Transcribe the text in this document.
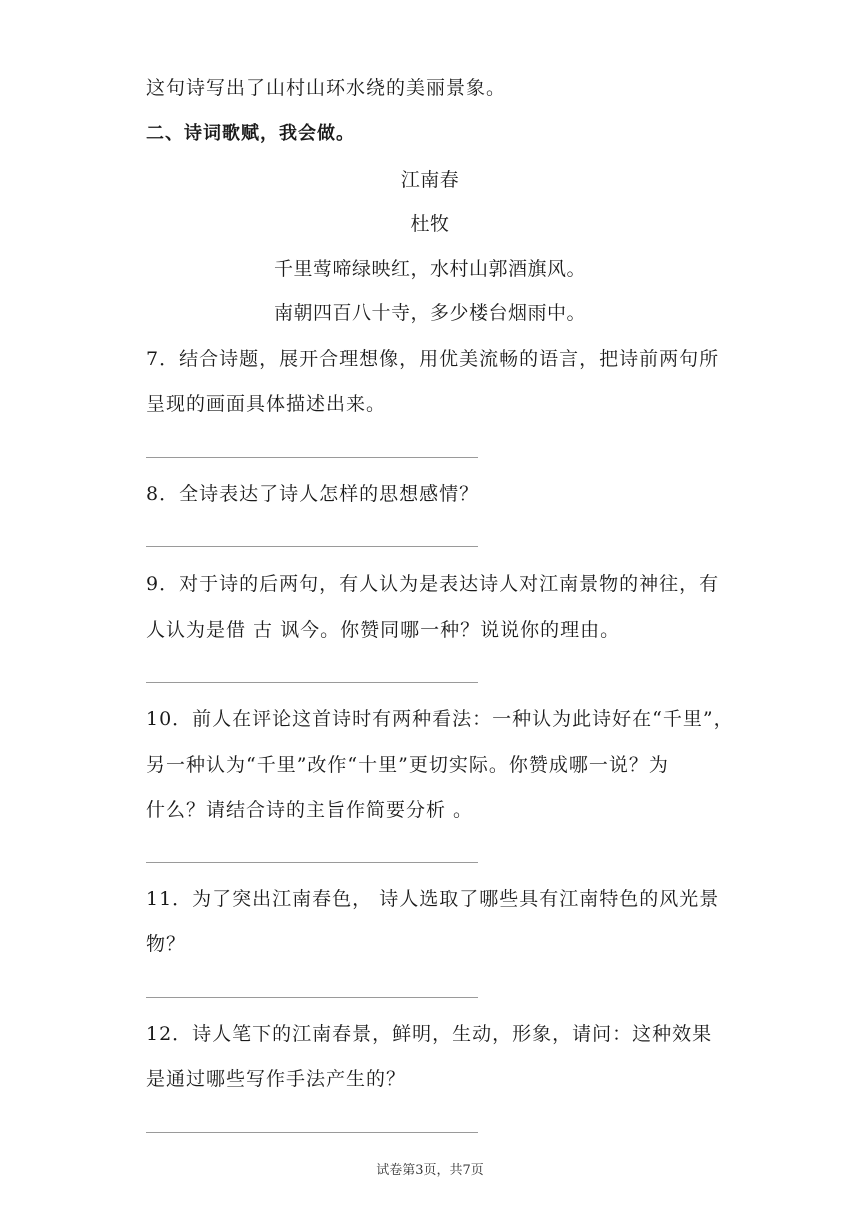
这句诗写出了山村山环水绕的美丽景象。
二、诗词歌赋，我会做。
江南春
杜牧
千里莺啼绿映红，水村山郭酒旗风。
南朝四百八十寺，多少楼台烟雨中。
7．结合诗题，展开合理想像，用优美流畅的语言，把诗前两句所
呈现的画面具体描述出来。
8．全诗表达了诗人怎样的思想感情？
9．对于诗的后两句，有人认为是表达诗人对江南景物的神往，有
人认为是借 古 讽今。你赞同哪一种？说说你的理由。
10．前人在评论这首诗时有两种看法：一种认为此诗好在“千里”，
另一种认为“千里”改作“十里”更切实际。你赞成哪一说？为
什么？请结合诗的主旨作简要分析 。
11．为了突出江南春色， 诗人选取了哪些具有江南特色的风光景
物？
12．诗人笔下的江南春景，鲜明，生动，形象，请问：这种效果
是通过哪些写作手法产生的？
试卷第3页，共7页
